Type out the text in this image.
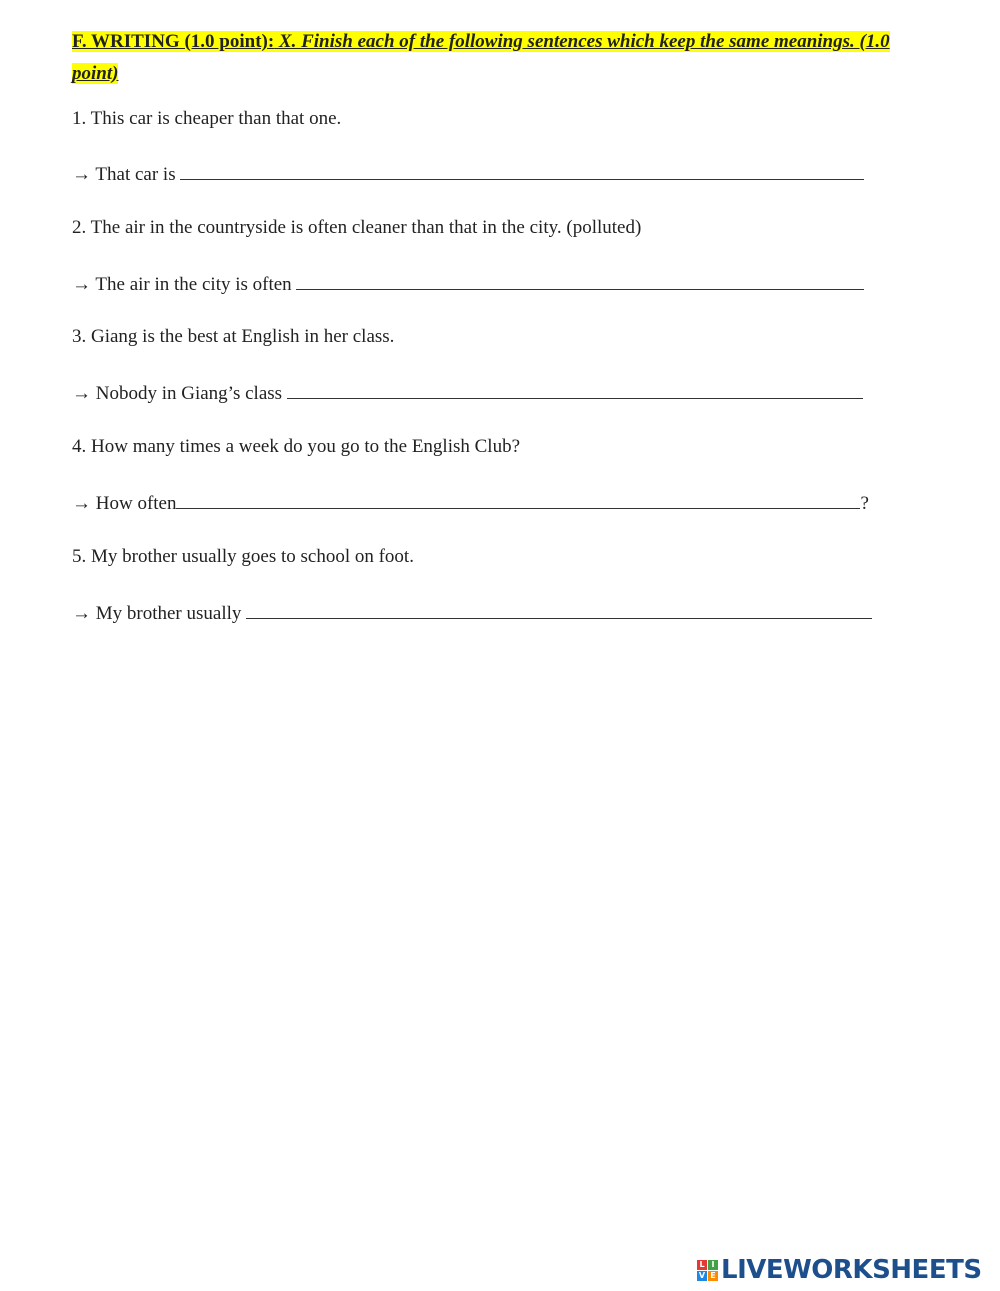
F. WRITING (1.0 point): X. Finish each of the following sentences which keep the same meanings. (1.0 point)
1. This car is cheaper than that one.
→ That car is
2. The air in the countryside is often cleaner than that in the city. (polluted)
→ The air in the city is often
3. Giang is the best at English in her class.
→ Nobody in Giang’s class
4. How many times a week do you go to the English Club?
→ How often	?
5. My brother usually goes to school on foot.
→ My brother usually
L I
V E LIVEWORKSHEETS
